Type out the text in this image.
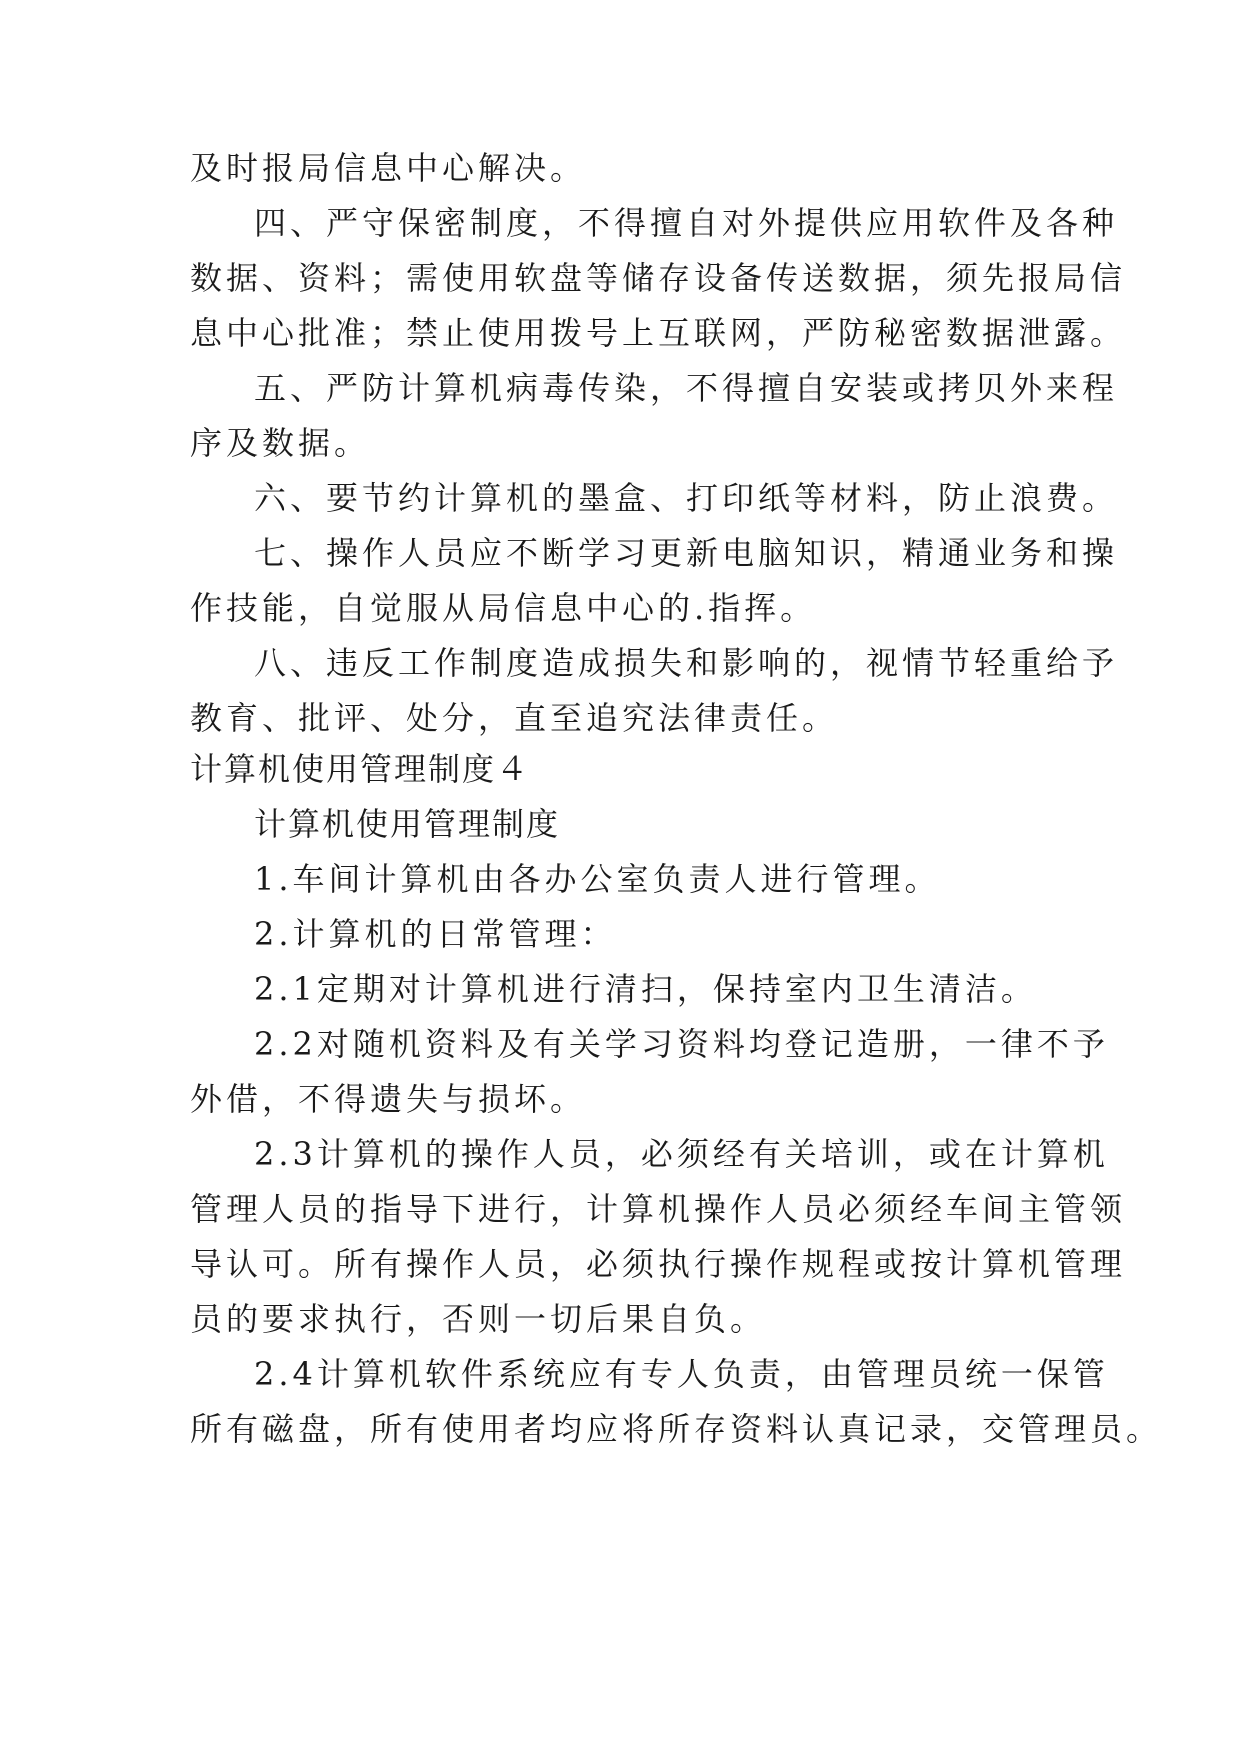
及时报局信息中心解决。
四、严守保密制度，不得擅自对外提供应用软件及各种
数据、资料；需使用软盘等储存设备传送数据，须先报局信
息中心批准；禁止使用拨号上互联网，严防秘密数据泄露。
五、严防计算机病毒传染，不得擅自安装或拷贝外来程
序及数据。
六、要节约计算机的墨盒、打印纸等材料，防止浪费。
七、操作人员应不断学习更新电脑知识，精通业务和操
作技能，自觉服从局信息中心的.指挥。
八、违反工作制度造成损失和影响的，视情节轻重给予
教育、批评、处分，直至追究法律责任。
计算机使用管理制度４
计算机使用管理制度
1.车间计算机由各办公室负责人进行管理。
2.计算机的日常管理：
2.1定期对计算机进行清扫，保持室内卫生清洁。
2.2对随机资料及有关学习资料均登记造册，一律不予
外借，不得遗失与损坏。
2.3计算机的操作人员，必须经有关培训，或在计算机
管理人员的指导下进行，计算机操作人员必须经车间主管领
导认可。所有操作人员，必须执行操作规程或按计算机管理
员的要求执行，否则一切后果自负。
2.4计算机软件系统应有专人负责，由管理员统一保管
所有磁盘，所有使用者均应将所存资料认真记录，交管理员。
